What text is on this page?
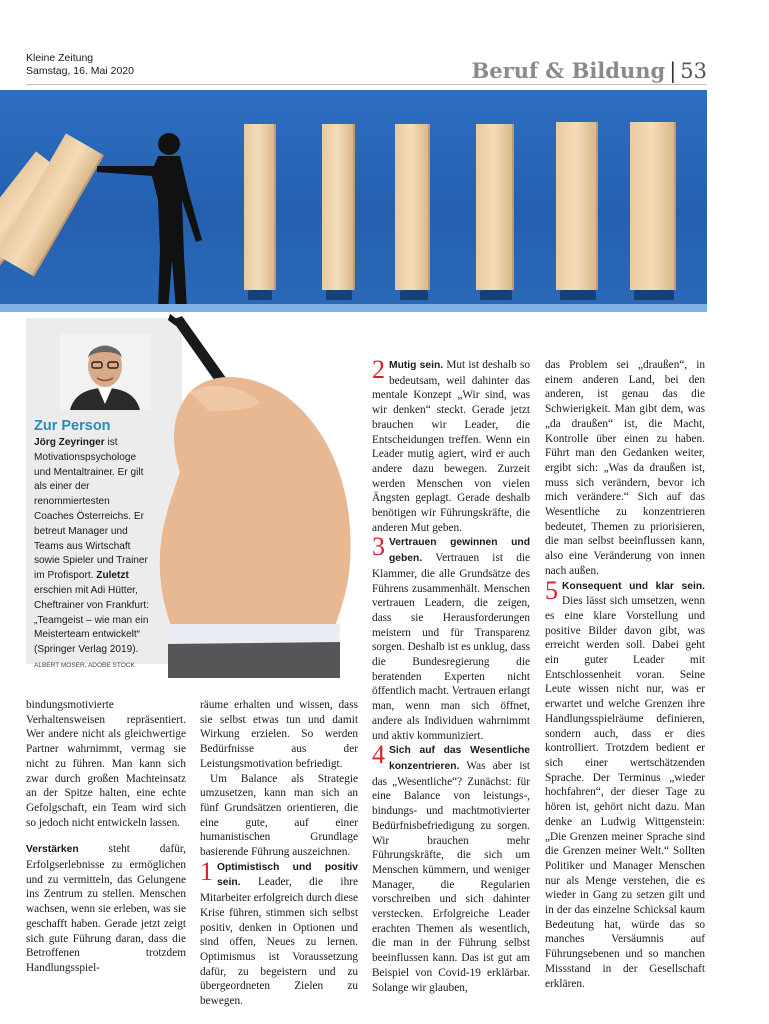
Kleine Zeitung
Samstag, 16. Mai 2020	Beruf & Bildung | 53
Zur Person
Jörg Zeyringer ist Motivationspsychologe und Mentaltrainer. Er gilt als einer der renommiertesten Coaches Österreichs. Er betreut Manager und Teams aus Wirtschaft sowie Spieler und Trainer im Profisport. Zuletzt erschien mit Adi Hütter, Cheftrainer von Frankfurt: „Teamgeist – wie man ein Meisterteam entwickelt“ (Springer Verlag 2019). ALBERT MOSER, ADOBE STOCK

bindungsmotivierte Verhaltensweisen repräsentiert. Wer andere nicht als gleichwertige Partner wahrnimmt, vermag sie nicht zu führen. Man kann sich zwar durch großen Machteinsatz an der Spitze halten, eine echte Gefolgschaft, ein Team wird sich so jedoch nicht entwickeln lassen.

Verstärken steht dafür, Erfolgserlebnisse zu ermöglichen und zu vermitteln, das Gelungene ins Zentrum zu stellen. Menschen wachsen, wenn sie erleben, was sie geschafft haben. Gerade jetzt zeigt sich gute Führung daran, dass die Betroffenen trotzdem Handlungsspiel-

räume erhalten und wissen, dass sie selbst etwas tun und damit Wirkung erzielen. So werden Bedürfnisse aus der Leistungsmotivation befriedigt.

Um Balance als Strategie umzusetzen, kann man sich an fünf Grundsätzen orientieren, die eine gute, auf einer humanistischen Grundlage basierende Führung auszeichnen.

1 Optimistisch und positiv sein. Leader, die ihre Mitarbeiter erfolgreich durch diese Krise führen, stimmen sich selbst positiv, denken in Optionen und sind offen, Neues zu lernen. Optimismus ist Voraussetzung dafür, zu begeistern und zu übergeordneten Zielen zu bewegen.

2 Mutig sein. Mut ist deshalb so bedeutsam, weil dahinter das mentale Konzept „Wir sind, was wir denken“ steckt. Gerade jetzt brauchen wir Leader, die Entscheidungen treffen. Wenn ein Leader mutig agiert, wird er auch andere dazu bewegen. Zurzeit werden Menschen von vielen Ängsten geplagt. Gerade deshalb benötigen wir Führungskräfte, die anderen Mut geben.

3 Vertrauen gewinnen und geben. Vertrauen ist die Klammer, die alle Grundsätze des Führens zusammenhält. Menschen vertrauen Leadern, die zeigen, dass sie Herausforderungen meistern und für Transparenz sorgen. Deshalb ist es unklug, dass die Bundesregierung die beratenden Experten nicht öffentlich macht. Vertrauen erlangt man, wenn man sich öffnet, andere als Individuen wahrnimmt und aktiv kommuniziert.

4 Sich auf das Wesentliche konzentrieren. Was aber ist das „Wesentliche“? Zunächst: für eine Balance von leistungs-, bindungs- und machtmotivierter Bedürfnisbefriedigung zu sorgen. Wir brauchen mehr Führungskräfte, die sich um Menschen kümmern, und weniger Manager, die Regularien vorschreiben und sich dahinter verstecken. Erfolgreiche Leader erachten Themen als wesentlich, die man in der Führung selbst beeinflussen kann. Das ist gut am Beispiel von Covid-19 erklärbar. Solange wir glauben,

das Problem sei „draußen“, in einem anderen Land, bei den anderen, ist genau das die Schwierigkeit. Man gibt dem, was „da draußen“ ist, die Macht, Kontrolle über einen zu haben. Führt man den Gedanken weiter, ergibt sich: „Was da draußen ist, muss sich verändern, bevor ich mich verändere.“ Sich auf das Wesentliche zu konzentrieren bedeutet, Themen zu priorisieren, die man selbst beeinflussen kann, also eine Veränderung von innen nach außen.

5 Konsequent und klar sein. Dies lässt sich umsetzen, wenn es eine klare Vorstellung und positive Bilder davon gibt, was erreicht werden soll. Dabei geht ein guter Leader mit Entschlossenheit voran. Seine Leute wissen nicht nur, was er erwartet und welche Grenzen ihre Handlungsspielräume definieren, sondern auch, dass er dies kontrolliert. Trotzdem bedient er sich einer wertschätzenden Sprache. Der Terminus „wieder hochfahren“, der dieser Tage zu hören ist, gehört nicht dazu. Man denke an Ludwig Wittgenstein: „Die Grenzen meiner Sprache sind die Grenzen meiner Welt.“ Sollten Politiker und Manager Menschen nur als Menge verstehen, die es wieder in Gang zu setzen gilt und in der das einzelne Schicksal kaum Bedeutung hat, würde das so manches Versäumnis auf Führungsebenen und so manchen Missstand in der Gesellschaft erklären.
